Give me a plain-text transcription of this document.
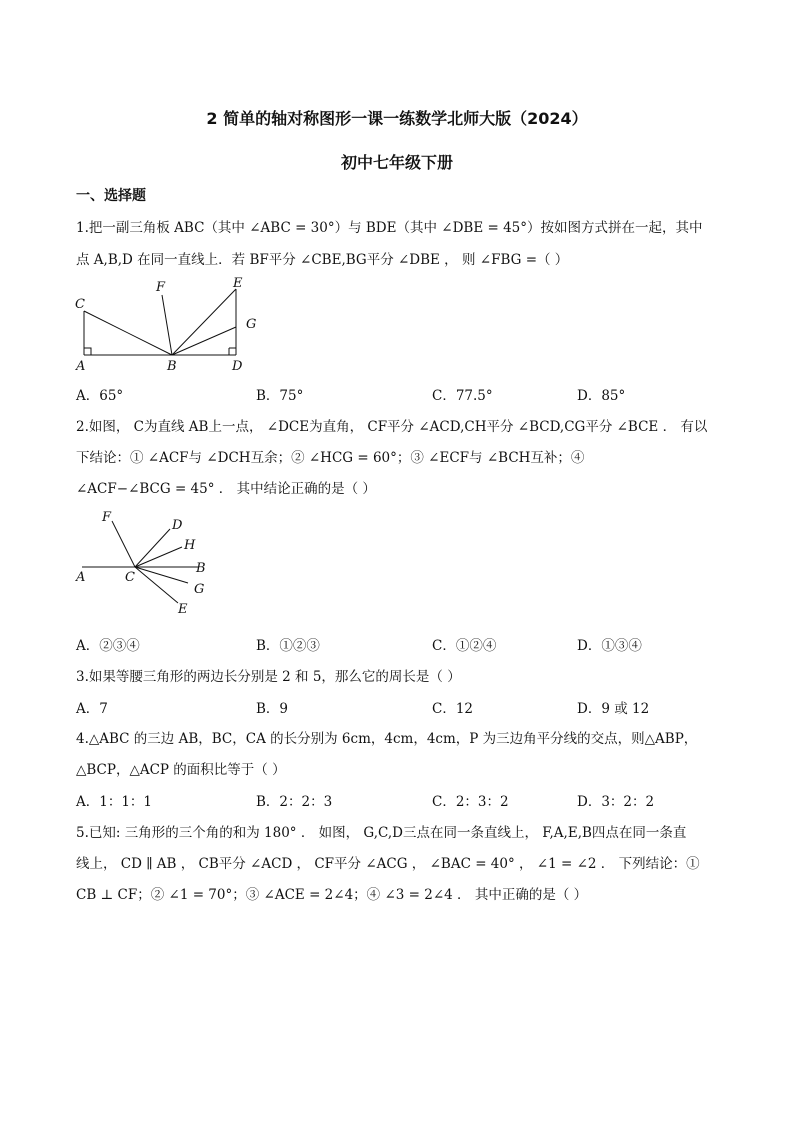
2 简单的轴对称图形一课一练数学北师大版（2024）
初中七年级下册
一、选择题
1.把一副三角板 ABC（其中 ∠ABC = 30°）与 BDE（其中 ∠DBE = 45°）按如图方式拼在一起，其中
点 A,B,D 在同一直线上．若 BF平分 ∠CBE,BG平分 ∠DBE ， 则 ∠FBG =（ ）
C
F	E
G
A	B	D
A．65°	B．75°	C．77.5°	D．85°
2.如图， C为直线 AB上一点， ∠DCE为直角， CF平分 ∠ACD,CH平分 ∠BCD,CG平分 ∠BCE ． 有以
下结论：① ∠ACF与 ∠DCH互余；② ∠HCG = 60°；③ ∠ECF与 ∠BCH互补；④
∠ACF−∠BCG = 45° ． 其中结论正确的是（ ）
F
D
H
A	C
B
G
E
A．②③④	B．①②③	C．①②④	D．①③④
3.如果等腰三角形的两边长分别是 2 和 5，那么它的周长是（ ）
A．7	B．9	C．12	D．9 或 12
4.△ABC 的三边 AB，BC，CA 的长分别为 6cm，4cm，4cm，P 为三边角平分线的交点，则△ABP，
△BCP，△ACP 的面积比等于（ ）
A．1：1：1	B．2：2：3	C．2：3：2	D．3：2：2
5.已知: 三角形的三个角的和为 180° ． 如图， G,C,D三点在同一条直线上， F,A,E,B四点在同一条直
线上， CD ∥ AB ， CB平分 ∠ACD ， CF平分 ∠ACG ， ∠BAC = 40° ， ∠1 = ∠2 ． 下列结论：①
CB ⊥ CF；② ∠1 = 70°；③ ∠ACE = 2∠4；④ ∠3 = 2∠4 ． 其中正确的是（ ）
